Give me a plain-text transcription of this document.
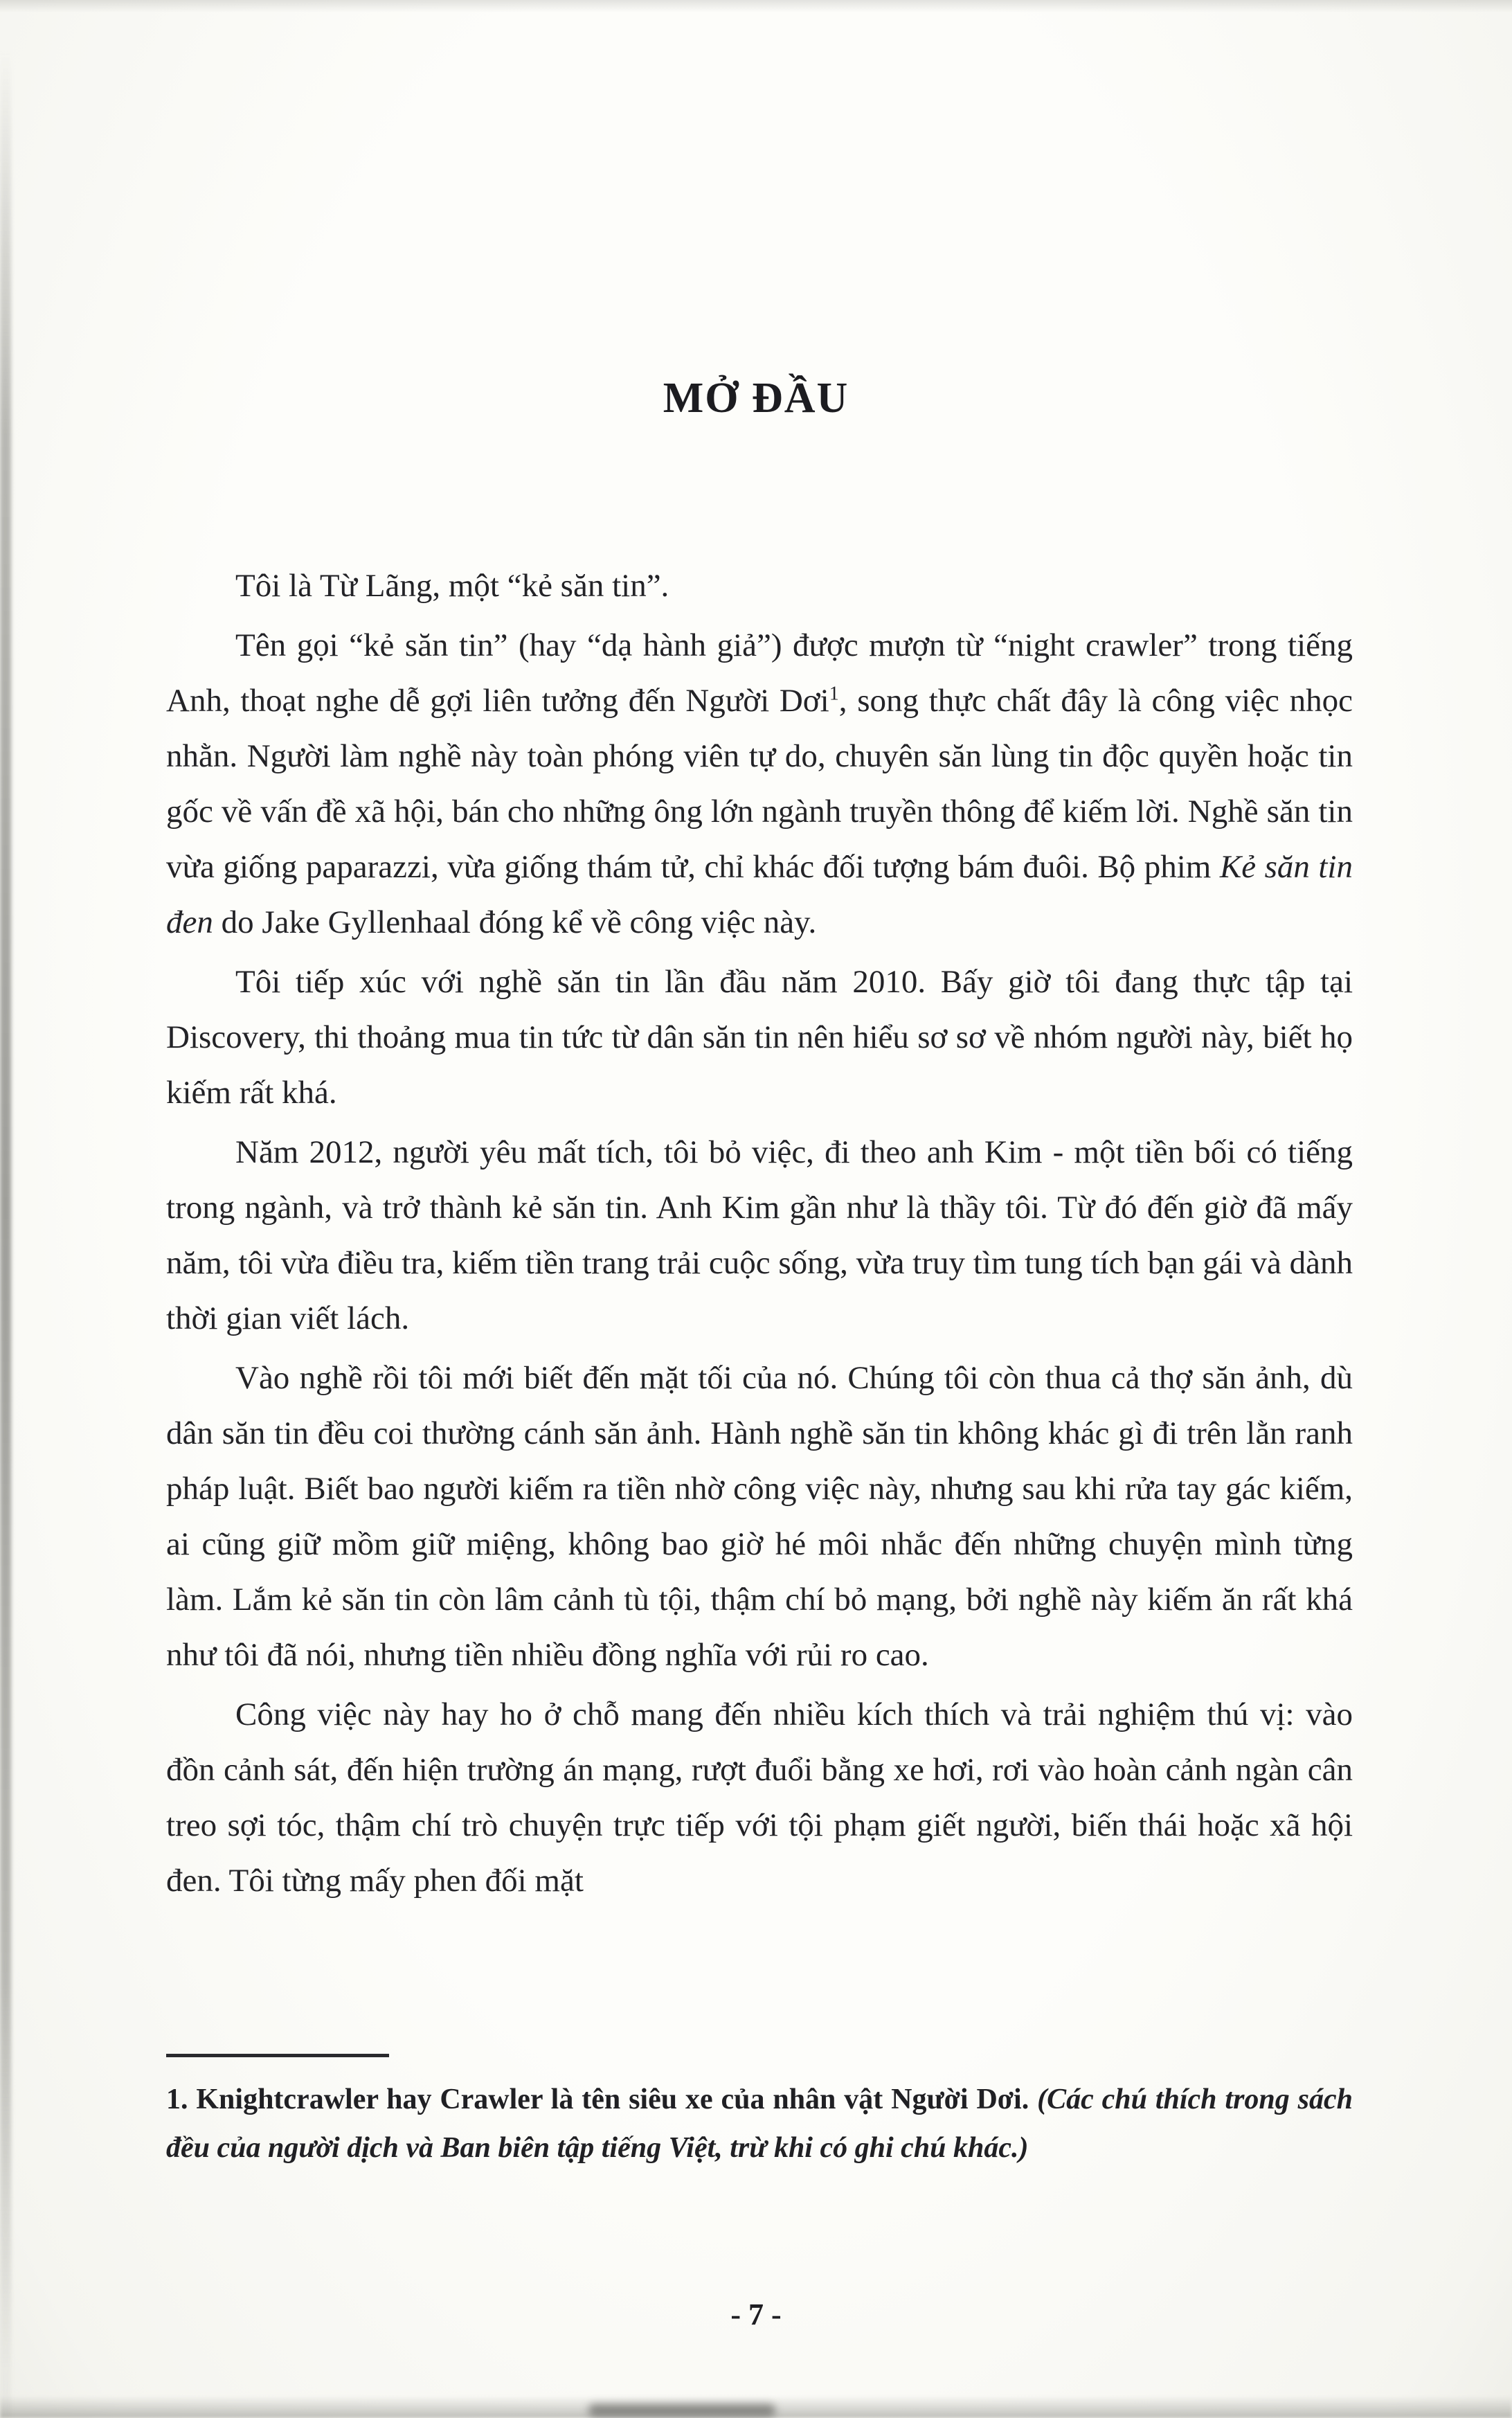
MỞ ĐẦU

Tôi là Từ Lãng, một “kẻ săn tin”.

Tên gọi “kẻ săn tin” (hay “dạ hành giả”) được mượn từ “night crawler” trong tiếng Anh, thoạt nghe dễ gợi liên tưởng đến Người Dơi$^1$, song thực chất đây là công việc nhọc nhằn. Người làm nghề này toàn phóng viên tự do, chuyên săn lùng tin độc quyền hoặc tin gốc về vấn đề xã hội, bán cho những ông lớn ngành truyền thông để kiếm lời. Nghề săn tin vừa giống paparazzi, vừa giống thám tử, chỉ khác đối tượng bám đuôi. Bộ phim Kẻ săn tin đen do Jake Gyllenhaal đóng kể về công việc này.

Tôi tiếp xúc với nghề săn tin lần đầu năm 2010. Bấy giờ tôi đang thực tập tại Discovery, thi thoảng mua tin tức từ dân săn tin nên hiểu sơ sơ về nhóm người này, biết họ kiếm rất khá.

Năm 2012, người yêu mất tích, tôi bỏ việc, đi theo anh Kim - một tiền bối có tiếng trong ngành, và trở thành kẻ săn tin. Anh Kim gần như là thầy tôi. Từ đó đến giờ đã mấy năm, tôi vừa điều tra, kiếm tiền trang trải cuộc sống, vừa truy tìm tung tích bạn gái và dành thời gian viết lách.

Vào nghề rồi tôi mới biết đến mặt tối của nó. Chúng tôi còn thua cả thợ săn ảnh, dù dân săn tin đều coi thường cánh săn ảnh. Hành nghề săn tin không khác gì đi trên lằn ranh pháp luật. Biết bao người kiếm ra tiền nhờ công việc này, nhưng sau khi rửa tay gác kiếm, ai cũng giữ mồm giữ miệng, không bao giờ hé môi nhắc đến những chuyện mình từng làm. Lắm kẻ săn tin còn lâm cảnh tù tội, thậm chí bỏ mạng, bởi nghề này kiếm ăn rất khá như tôi đã nói, nhưng tiền nhiều đồng nghĩa với rủi ro cao.

Công việc này hay ho ở chỗ mang đến nhiều kích thích và trải nghiệm thú vị: vào đồn cảnh sát, đến hiện trường án mạng, rượt đuổi bằng xe hơi, rơi vào hoàn cảnh ngàn cân treo sợi tóc, thậm chí trò chuyện trực tiếp với tội phạm giết người, biến thái hoặc xã hội đen. Tôi từng mấy phen đối mặt

1. Knightcrawler hay Crawler là tên siêu xe của nhân vật Người Dơi. (Các chú thích trong sách đều của người dịch và Ban biên tập tiếng Việt, trừ khi có ghi chú khác.)

- 7 -
